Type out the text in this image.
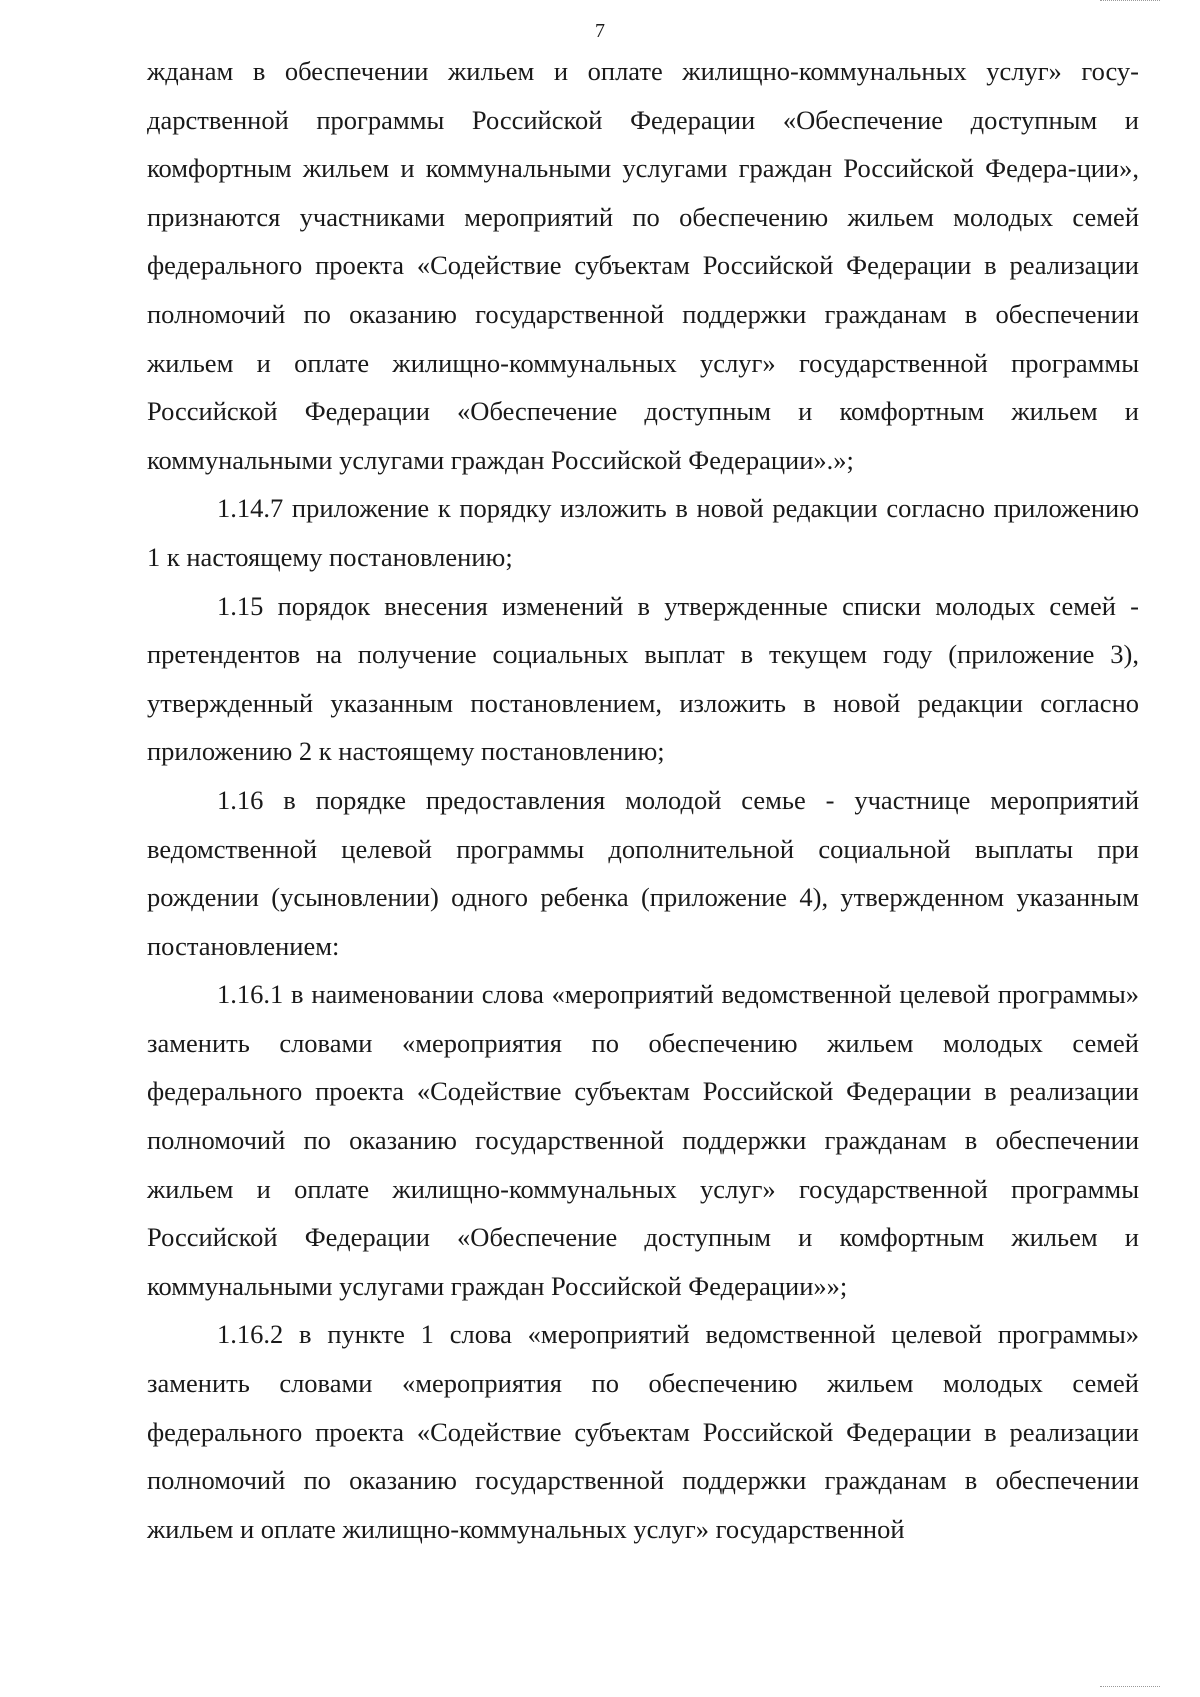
7

жданам в обеспечении жильем и оплате жилищно-коммунальных услуг» госу-дарственной программы Российской Федерации «Обеспечение доступным и комфортным жильем и коммунальными услугами граждан Российской Федера-ции», признаются участниками мероприятий по обеспечению жильем молодых семей федерального проекта «Содействие субъектам Российской Федерации в реализации полномочий по оказанию государственной поддержки гражданам в обеспечении жильем и оплате жилищно-коммунальных услуг» государственной программы Российской Федерации «Обеспечение доступным и комфортным жильем и коммунальными услугами граждан Российской Федерации».»;

1.14.7 приложение к порядку изложить в новой редакции согласно приложению 1 к настоящему постановлению;

1.15 порядок внесения изменений в утвержденные списки молодых семей - претендентов на получение социальных выплат в текущем году (приложение 3), утвержденный указанным постановлением, изложить в новой редакции согласно приложению 2 к настоящему постановлению;

1.16 в порядке предоставления молодой семье - участнице мероприятий ведомственной целевой программы дополнительной социальной выплаты при рождении (усыновлении) одного ребенка (приложение 4), утвержденном указанным постановлением:

1.16.1 в наименовании слова «мероприятий ведомственной целевой программы» заменить словами «мероприятия по обеспечению жильем молодых семей федерального проекта «Содействие субъектам Российской Федерации в реализации полномочий по оказанию государственной поддержки гражданам в обеспечении жильем и оплате жилищно-коммунальных услуг» государственной программы Российской Федерации «Обеспечение доступным и комфортным жильем и коммунальными услугами граждан Российской Федерации»»;

1.16.2 в пункте 1 слова «мероприятий ведомственной целевой программы» заменить словами «мероприятия по обеспечению жильем молодых семей федерального проекта «Содействие субъектам Российской Федерации в реализации полномочий по оказанию государственной поддержки гражданам в обеспечении жильем и оплате жилищно-коммунальных услуг» государственной
